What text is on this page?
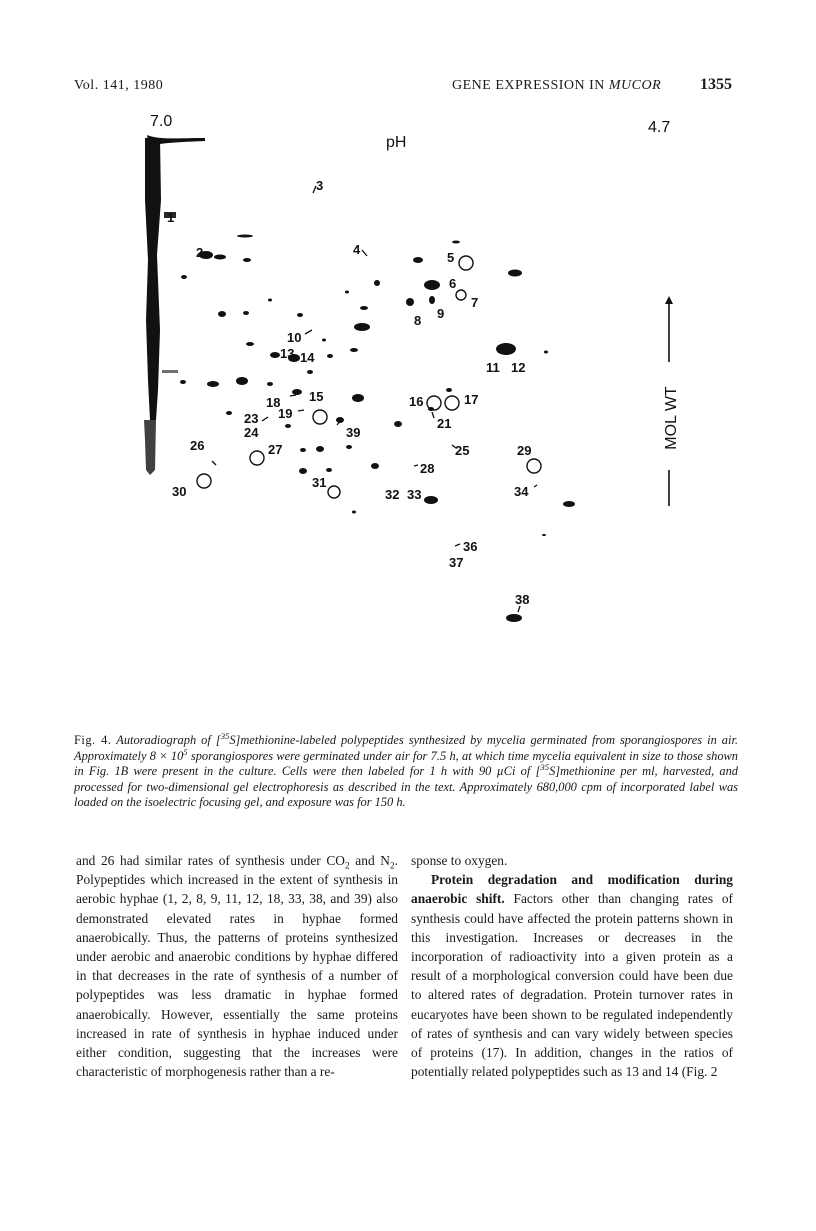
Vol. 141, 1980	GENE EXPRESSION IN MUCOR 1355
7.0	4.7
pH
3
1
2	4
5
6
7
8 9
10
13 14
11 12
18 15	16	17
23 19
21
24	39
26	27	25
28
29
30
31
32 33	34
36
37
38
MOL WT
Fig. 4. Autoradiograph of [$^{35}$S]methionine-labeled polypeptides synthesized by mycelia germinated from sporangiospores in air. Approximately $8 \times 10^5$ sporangiospores were germinated under air for 7.5 h, at which time mycelia equivalent in size to those shown in Fig. 1B were present in the culture. Cells were then labeled for 1 h with 90 µCi of [$^{35}$S]methionine per ml, harvested, and processed for two-dimensional gel electrophoresis as described in the text. Approximately 680,000 cpm of incorporated label was loaded on the isoelectric focusing gel, and exposure was for 150 h.

and 26 had similar rates of synthesis under $CO_2$ and $N_2$. Polypeptides which increased in the extent of synthesis in aerobic hyphae (1, 2, 8, 9, 11, 12, 18, 33, 38, and 39) also demonstrated elevated rates in hyphae formed anaerobically. Thus, the patterns of proteins synthesized under aerobic and anaerobic conditions by hyphae differed in that decreases in the rate of synthesis of a number of polypeptides was less dramatic in hyphae formed anaerobically. However, essentially the same proteins increased in rate of synthesis in hyphae induced under either condition, suggesting that the increases were characteristic of morphogenesis rather than a re-

sponse to oxygen.

Protein degradation and modification during anaerobic shift. Factors other than changing rates of synthesis could have affected the protein patterns shown in this investigation. Increases or decreases in the incorporation of radioactivity into a given protein as a result of a morphological conversion could have been due to altered rates of degradation. Protein turnover rates in eucaryotes have been shown to be regulated independently of rates of synthesis and can vary widely between species of proteins (17). In addition, changes in the ratios of potentially related polypeptides such as 13 and 14 (Fig. 2
